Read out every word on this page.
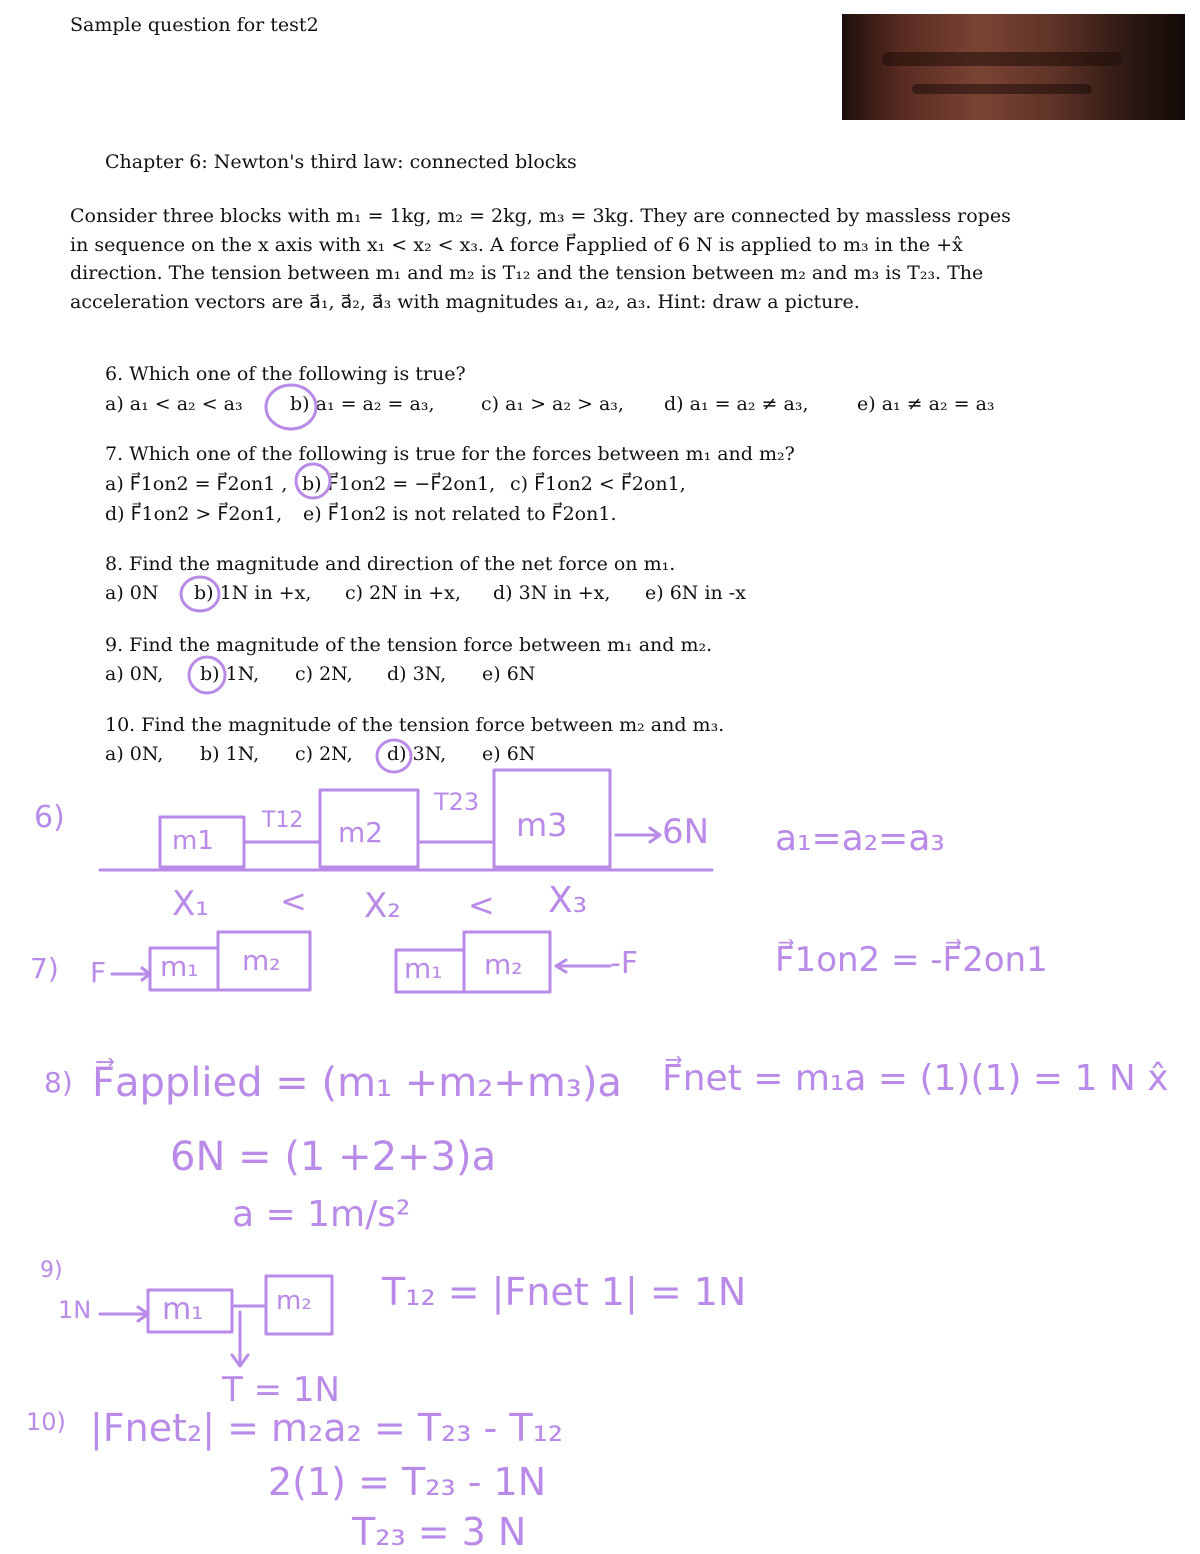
Sample question for test2
Chapter 6: Newton's third law: connected blocks
Consider three blocks with m₁ = 1kg, m₂ = 2kg, m₃ = 3kg. They are connected by massless ropes
in sequence on the x axis with x₁ < x₂ < x₃. A force F⃗applied of 6 N is applied to m₃ in the +x̂
direction. The tension between m₁ and m₂ is T₁₂ and the tension between m₂ and m₃ is T₂₃. The
acceleration vectors are a⃗₁, a⃗₂, a⃗₃ with magnitudes a₁, a₂, a₃. Hint: draw a picture.
6. Which one of the following is true?
a) a₁ < a₂ < a₃ b) a₁ = a₂ = a₃, c) a₁ > a₂ > a₃, d) a₁ = a₂ ≠ a₃,	e) a₁ ≠ a₂ = a₃
7. Which one of the following is true for the forces between m₁ and m₂?
a) F⃗1on2 = F⃗2on1 , b) F⃗1on2 = −F⃗2on1, c) F⃗1on2 < F⃗2on1,
d) F⃗1on2 > F⃗2on1, e) F⃗1on2 is not related to F⃗2on1.
8. Find the magnitude and direction of the net force on m₁.
a) 0N b) 1N in +x, c) 2N in +x, d) 3N in +x, e) 6N in -x
9. Find the magnitude of the tension force between m₁ and m₂.
a) 0N, b) 1N, c) 2N, d) 3N, e) 6N
10. Find the magnitude of the tension force between m₂ and m₃.
a) 0N, b) 1N, c) 2N, d) 3N, e) 6N
6)
m1
T12 m2
T23
m3	6N a₁=a₂=a₃
X₁ < X₂ < X₃
7) F m₁ m₂	m₁ m₂	-F	F⃗1on2 = -F⃗2on1
8) F⃗applied = (m₁ +m₂+m₃)a F⃗net = m₁a = (1)(1) = 1 N x̂
6N = (1 +2+3)a
a = 1m/s²
9)
1N m₁	m₂ T₁₂ = |Fnet 1| = 1N
T = 1N
10) |Fnet₂| = m₂a₂ = T₂₃ - T₁₂
2(1) = T₂₃ - 1N
T₂₃ = 3 N
